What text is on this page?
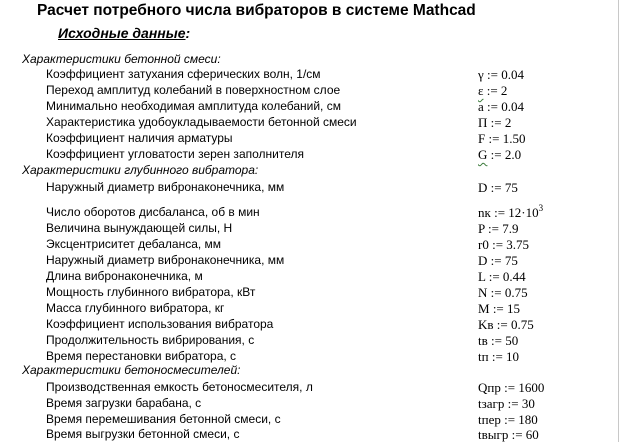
Расчет потребного числа вибраторов в системе Mathcad
Исходные данные:
Характеристики бетонной смеси:
Коэффициент затухания сферических волн, 1/см	γ := 0.04
Переход амплитуд колебаний в поверхностном слое	ε := 2
Минимально необходимая амплитуда колебаний, см	a := 0.04
Характеристика удобоукладываемости бетонной смеси	П := 2
Коэффициент наличия арматуры	F := 1.50
Коэффициент угловатости зерен заполнителя	G := 2.0
Характеристики глубинного вибратора:
Наружный диаметр вибронаконечника, мм	D := 75
Число оборотов дисбаланса, об в мин	nк := $12\cdot 10^3$
Величина вынуждающей силы, Н	P := 7.9
Эксцентриситет дебаланса, мм	r0 := 3.75
Наружный диаметр вибронаконечника, мм	D := 75
Длина вибронаконечника, м	L := 0.44
Мощность глубинного вибратора, кВт	N := 0.75
Масса глубинного вибратора, кг	M := 15
Коэффициент использования вибратора	Kв := 0.75
Продолжительность вибрирования, с	tв := 50
Время перестановки вибратора, с	tп := 10
Характеристики бетоносмесителей:
Производственная емкость бетоносмесителя, л	Qпр := 1600
Время загрузки барабана, с	tзагр := 30
Время перемешивания бетонной смеси, с	tпер := 180
Время выгрузки бетонной смеси, с	tвыгр := 60
